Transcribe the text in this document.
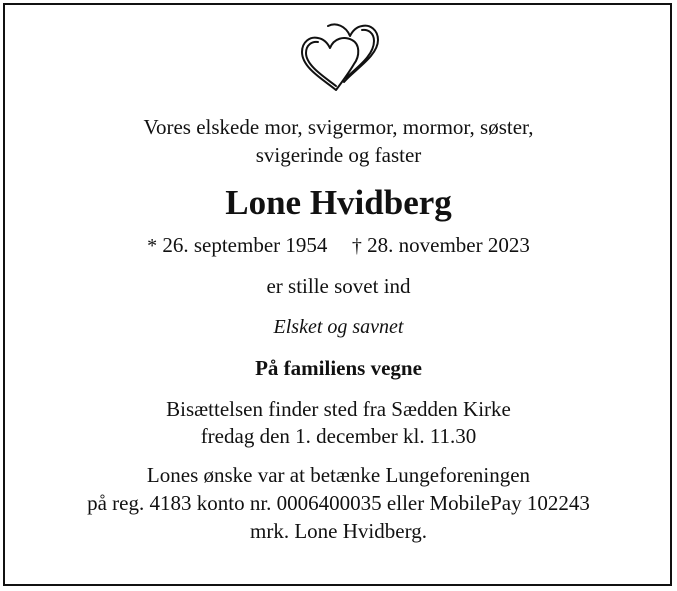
Vores elskede mor, svigermor, mormor, søster,
svigerinde og faster
Lone Hvidberg
* 26. september 1954 † 28. november 2023
er stille sovet ind
Elsket og savnet
På familiens vegne
Bisættelsen finder sted fra Sædden Kirke
fredag den 1. december kl. 11.30
Lones ønske var at betænke Lungeforeningen
på reg. 4183 konto nr. 0006400035 eller MobilePay 102243
mrk. Lone Hvidberg.
